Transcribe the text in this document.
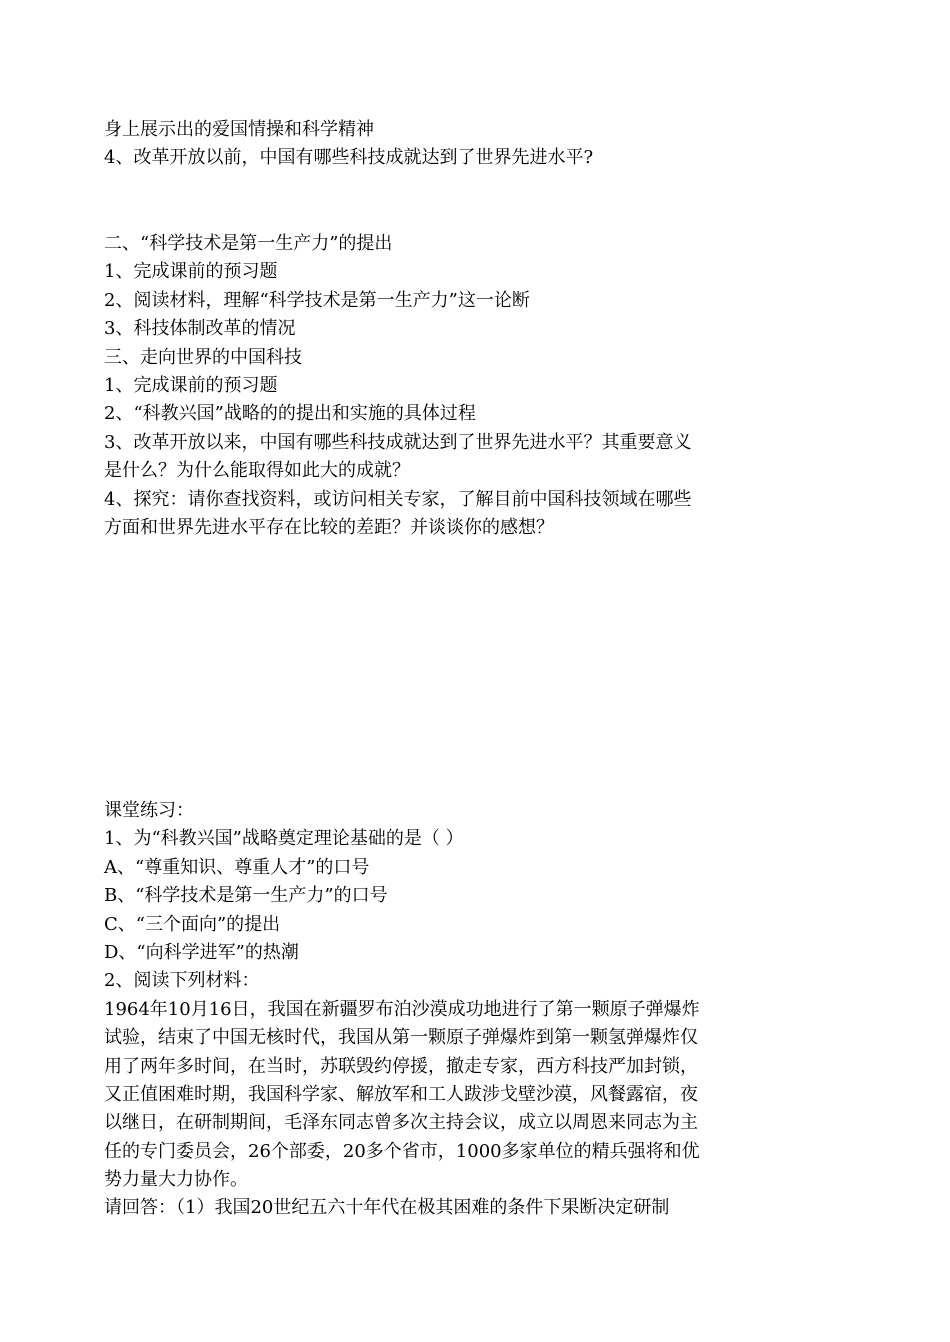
身上展示出的爱国情操和科学精神
4、改革开放以前，中国有哪些科技成就达到了世界先进水平?
二、“科学技术是第一生产力”的提出
1、完成课前的预习题
2、阅读材料，理解“科学技术是第一生产力”这一论断
3、科技体制改革的情况
三、走向世界的中国科技
1、完成课前的预习题
2、“科教兴国”战略的的提出和实施的具体过程
3、改革开放以来，中国有哪些科技成就达到了世界先进水平？其重要意义
是什么？为什么能取得如此大的成就？
4、探究：请你查找资料，或访问相关专家，了解目前中国科技领域在哪些
方面和世界先进水平存在比较的差距？并谈谈你的感想？
课堂练习：
1、为“科教兴国”战略奠定理论基础的是（ ）
A、“尊重知识、尊重人才”的口号
B、“科学技术是第一生产力”的口号
C、“三个面向”的提出
D、“向科学进军”的热潮
2、阅读下列材料：
1964年10月16日，我国在新疆罗布泊沙漠成功地进行了第一颗原子弹爆炸
试验，结束了中国无核时代，我国从第一颗原子弹爆炸到第一颗氢弹爆炸仅
用了两年多时间，在当时，苏联毁约停援，撤走专家，西方科技严加封锁，
又正值困难时期，我国科学家、解放军和工人跋涉戈壁沙漠，风餐露宿，夜
以继日，在研制期间，毛泽东同志曾多次主持会议，成立以周恩来同志为主
任的专门委员会，26个部委，20多个省市，1000多家单位的精兵强将和优
势力量大力协作。
请回答：（1）我国20世纪五六十年代在极其困难的条件下果断决定研制
